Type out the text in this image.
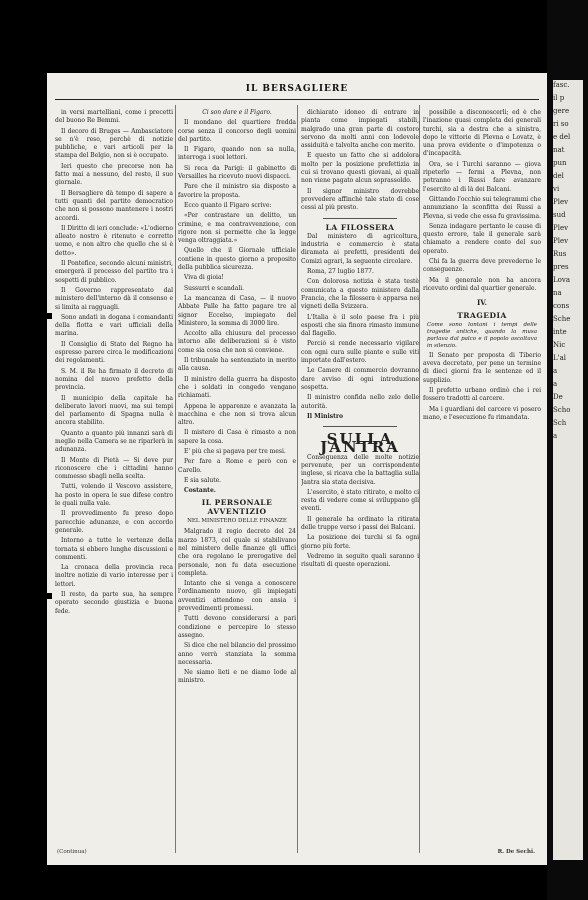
IL BERSAGLIERE

in versi martelliani, come i precetti del buono Re Bemmi.

Il decoro di Bruges — Ambasciatore se n'è reso, perchè di notizie pubbliche, e vari articoli per la stampa del Belgio, non si è occupato.

Ieri questo che precorse non ha fatto mai a nessuno, del resto, il suo giornale.

Il Bersagliere dà tempo di sapere a tutti quanti del partito democratico che non si possono mantenere i nostri accordi.

Il Diritto di ieri conclude: «L'odierno alleato nostro è ritenuto e corretto uomo, e non altro che quello che si è detto».

Il Pontefice, secondo alcuni ministri, emergerà il processo del partito tra i sospetti di pubblico.

Il Governo rappresentato dal ministero dell'interno dà il consenso e si limita ai ragguagli.

Sono andati in dogana i comandanti della flotta e vari ufficiali della marina.

Il Consiglio di Stato del Regno ha espresso parere circa le modificazioni dei regolamenti.

S. M. il Re ha firmato il decreto di nomina del nuovo prefetto della provincia.

Il municipio della capitale ha deliberato lavori nuovi, ma sui tempi del parlamento di Spagna nulla è ancora stabilito.

Quanto a quanto più innanzi sarà di meglio nella Camera se ne riparlerà in adunanza.

Il Monte di Pietà — Si deve pur riconoscere che i cittadini hanno commesso sbagli nella scelta.

Tutti, volendo il Vescovo assistere, ha posto in opera le sue difese contro le quali nulla vale.

Il provvedimento fu preso dopo parecchie adunanze, e con accordo generale.

Intorno a tutte le vertenze della tornata si ebbero lunghe discussioni e commenti.

La cronaca della provincia reca inoltre notizie di vario interesse per i lettori.

Il resto, da parte sua, ha sempre operato secondo giustizia e buona fede.

Ci son dare e il Figaro.

Il mondano del quartiere fredda corse senza il concorso degli uomini del partito.

Il Figaro, quando non sa nulla, interroga i suoi lettori.

Si reca da Parigi: il gabinetto di Versailles ha ricevuto nuovi dispacci.

Pare che il ministro sia disposto a favorire la proposta.

Ecco quanto il Figaro scrive:

«Per contrastare un delitto, un crimine, e ma contravvenzione, con rigore non si permette che la legge venga oltraggiata.»

Quello che il Giornale ufficiale contiene in questo giorno a proposito della pubblica sicurezza.

Viva di gioia!

Sussurri e scandali.

La mancanza di Casa, — il nuovo Abbate Palle ha fatto pagare tre al signor Eccelso, impiegato del Ministero, la somma di 3000 lire.

Accolto alla chiusura del processo intorno alle deliberazioni si è visto come sia cosa che non si conviene.

Il tribunale ha sentenziato in merito alla causa.

Il ministro della guerra ha disposto che i soldati in congedo vengano richiamati.

Appena le apparenze e avanzata la macchina e che non si trova alcun altro.

Il mistero di Casa è rimasto a non sapere la cosa.

E' più che si pagava per tre mesi.

Per fare a Rome e però con e Carello.

E sia salute.

Costante.

IL PERSONALE AVVENTIZIO
NEL MINISTERO DELLE FINANZE

Malgrado il regio decreto del 24 marzo 1873, col quale si stabilivano nel ministero delle finanze gli uffici che ora regolano le prerogative del personale, non fu data esecuzione completa.

Intanto che si venga a conoscere l'ordinamento nuovo, gli impiegati avventizi attendono con ansia i provvedimenti promessi.

Tutti devono considerarsi a pari condizione e percepire lo stesso assegno.

Si dice che nel bilancio del prossimo anno verrà stanziata la somma necessaria.

Ne siamo lieti e ne diamo lode al ministro.

dichiarato idoneo di entrare in pianta come impiegati stabili, malgrado una gran parte di costoro servono da molti anni con lodevole assiduità e talvolta anche con merito.

E questo un fatto che si addolora molto per la posizione prefettizia in cui si trovano questi giovani, ai quali non viene pagato alcun soprassoldo.

Il signor ministro dovrebbe provvedere affinchè tale stato di cose cessi al più presto.

LA FILOSSERA

Dal ministero di agricoltura, industria e commercio è stata diramata ai prefetti, presidenti dei Comizi agrari, la seguente circolare.

Roma, 27 luglio 1877.

Con dolorosa notizia è stata testè comunicata a questo ministero dalla Francia, che la filossera è apparsa nei vigneti della Svizzera.

L'Italia è il solo paese fra i più esposti che sia finora rimasto immune dal flagello.

Perciò si rende necessario vigilare con ogni cura sulle piante e sulle viti importate dall'estero.

Le Camere di commercio dovranno dare avviso di ogni introduzione sospetta.

Il ministro confida nello zelo delle autorità.

Il Ministro

SULLA JANTRA

Conseguenza delle molte notizie pervenute, per un corrispondente inglese, si ricava che la battaglia sulla Jantra sia stata decisiva.

L'esercito, è stato ritirato, e molto ci resta di vedere come si sviluppano gli eventi.

Il generale ha ordinato la ritirata delle truppe verso i passi dei Balcani.

La posizione dei turchi si fa ogni giorno più forte.

Vedremo in seguito quali saranno i risultati di queste operazioni.

possibile a disconoscerli; ed è che l'inazione quasi completa dei generali turchi, sia a destra che a sinistra, dopo le vittorie di Plevna e Lovatz, è una prova evidente o d'impotenza o d'incapacità.

Ora, se i Turchi saranno — giova ripeterlo — fermi a Plevna, non potranno i Russi fare avanzare l'esercito al di là dei Balcani.

Gittando l'occhio sui telegrammi che annunziano la sconfitta dei Russi a Plevna, si vede che essa fu gravissima.

Senza indagare pertanto le cause di questo errore, tale il generale sarà chiamato a rendere conto del suo operato.

Chi fa la guerra deve prevederne le conseguenze.

Ma il generale non ha ancora ricevuto ordini dal quartier generale.

IV.
TRAGEDIA

Come sono lontani i tempi delle tragedie antiche, quando la musa parlava dal palco e il popolo ascoltava in silenzio.

Il Senato per proposta di Tiberio aveva decretato, per pene un termine di dieci giorni fra le sentenze ed il supplizio.

Il prefetto urbano ordinò che i rei fossero tradotti al carcere.

Ma i guardiani del carcere vi posero mano, e l'esecuzione fu rimandata.

(Continua)	R. De Sechi.
fasc.
il p
gere
ri so
e del
nat
pun
del
vi
Plev
sud
Plev
Plev
Rus
pres
Lova
na
cons
Sche
inte
Nic
L'al
a
a
De
Scho
Sch
a
